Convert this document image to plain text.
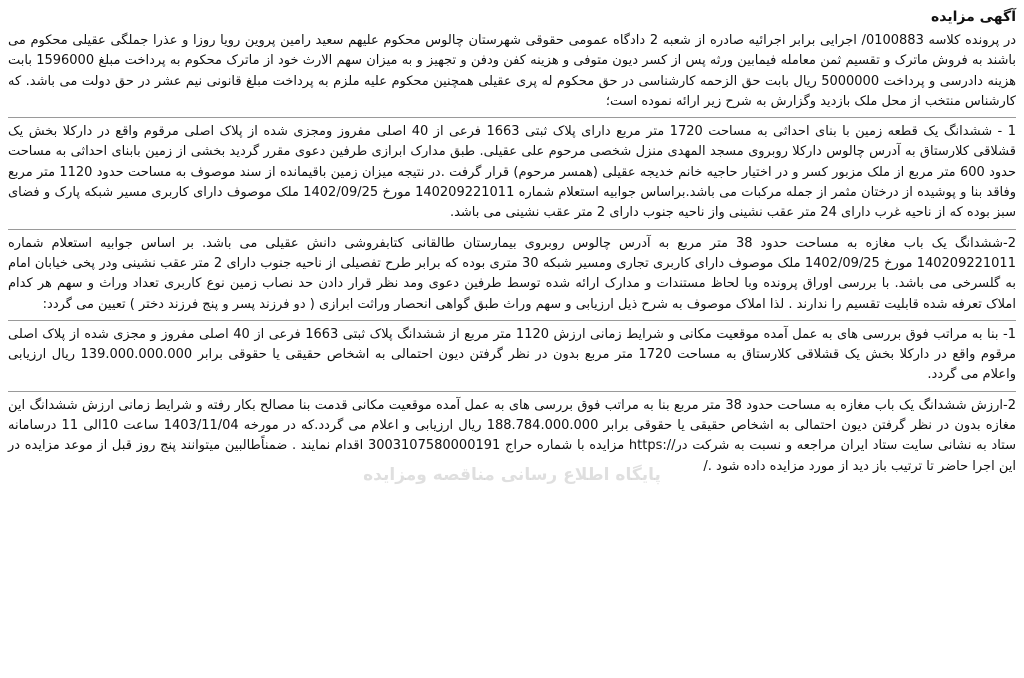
آگهی مزایده

در پرونده کلاسه 0100883/ اجرایی برابر اجرائیه صادره از شعبه 2 دادگاه عمومی حقوقی شهرستان چالوس محکوم علیهم سعید رامین پروین رویا روزا و عذرا جملگی عقیلی محکوم می باشند به فروش ماترک و تقسیم ثمن معامله فیمابین ورثه پس از کسر دیون متوفی و هزینه کفن ودفن و تجهیز و به میزان سهم الارث خود از ماترک محکوم به پرداخت مبلغ 1596000 بابت هزینه دادرسی و پرداخت 5000000 ریال بابت حق الزحمه کارشناسی در حق محکوم له پری عقیلی همچنین محکوم علیه ملزم به پرداخت مبلغ قانونی نیم عشر در حق دولت می باشد. که کارشناس منتخب از محل ملک بازدید وگزارش به شرح زیر ارائه نموده است؛

1 - ششدانگ یک قطعه زمین با بنای احداثی به مساحت 1720 متر مربع دارای پلاک ثبتی 1663 فرعی از 40 اصلی مفروز ومجزی شده از پلاک اصلی مرقوم واقع در دارکلا بخش یک قشلاقی کلارستاق به آدرس چالوس دارکلا روبروی مسجد المهدی منزل شخصی مرحوم علی عقیلی. طبق مدارک ابرازی طرفین دعوی مقرر گردید بخشی از زمین بابنای احداثی به مساحت حدود 600 متر مربع از ملک مزبور کسر و در اختیار حاجیه خانم خدیجه عقیلی (همسر مرحوم) قرار گرفت .در نتیجه میزان زمین باقیمانده از سند موصوف به مساحت حدود 1120 متر مربع وفاقد بنا و پوشیده از درختان مثمر از جمله مرکبات می باشد.براساس جوابیه استعلام شماره 140209221011 مورخ 1402/09/25 ملک موصوف دارای کاربری مسیر شبکه پارک و فضای سبز بوده که از ناحیه غرب دارای 24 متر عقب نشینی واز ناحیه جنوب دارای 2 متر عقب نشینی می باشد.

2-ششدانگ یک باب مغازه به مساحت حدود 38 متر مربع به آدرس چالوس روبروی بیمارستان طالقانی کتابفروشی دانش عقیلی می باشد. بر اساس جوابیه استعلام شماره 140209221011 مورخ 1402/09/25 ملک موصوف دارای کاربری تجاری ومسیر شبکه 30 متری بوده که برابر طرح تفصیلی از ناحیه جنوب دارای 2 متر عقب نشینی ودر پخی خیابان امام به گلسرخی می باشد. با بررسی اوراق پرونده وبا لحاظ مستندات و مدارک ارائه شده توسط طرفین دعوی ومد نظر قرار دادن حد نصاب زمین نوع کاربری تعداد وراث و سهم هر کدام املاک تعرفه شده قابلیت تقسیم را ندارند . لذا املاک موصوف به شرح ذیل ارزیابی و سهم وراث طبق گواهی انحصار وراثت ابرازی ( دو فرزند پسر و پنج فرزند دختر ) تعیین می گردد:

1- بنا به مراتب فوق بررسی های به عمل آمده موقعیت مکانی و شرایط زمانی ارزش 1120 متر مربع از ششدانگ پلاک ثبتی 1663 فرعی از 40 اصلی مفروز و مجزی شده از پلاک اصلی مرقوم واقع در دارکلا بخش یک قشلاقی کلارستاق به مساحت 1720 متر مربع بدون در نظر گرفتن دیون احتمالی به اشخاص حقیقی یا حقوقی برابر 139.000.000.000 ریال ارزیابی واعلام می گردد.

2-ارزش ششدانگ یک باب مغازه به مساحت حدود 38 متر مربع بنا به مراتب فوق بررسی های به عمل آمده موقعیت مکانی قدمت بنا مصالح بکار رفته و شرایط زمانی ارزش ششدانگ این مغازه بدون در نظر گرفتن دیون احتمالی به اشخاص حقیقی یا حقوقی برابر 188.784.000.000 ریال ارزیابی و اعلام می گردد.که در مورخه 1403/11/04 ساعت 10الی 11 درسامانه ستاد به نشانی سایت ستاد ایران مراجعه و نسبت به شرکت در//:https مزایده با شماره حراج 3003107580000191 اقدام نمایند . ضمناًطالبین میتوانند پنج روز قبل از موعد مزایده در این اجرا حاضر تا ترتیب باز دید از مورد مزایده داده شود ./

پایگاه اطلاع رسانی مناقصه ومزایده
